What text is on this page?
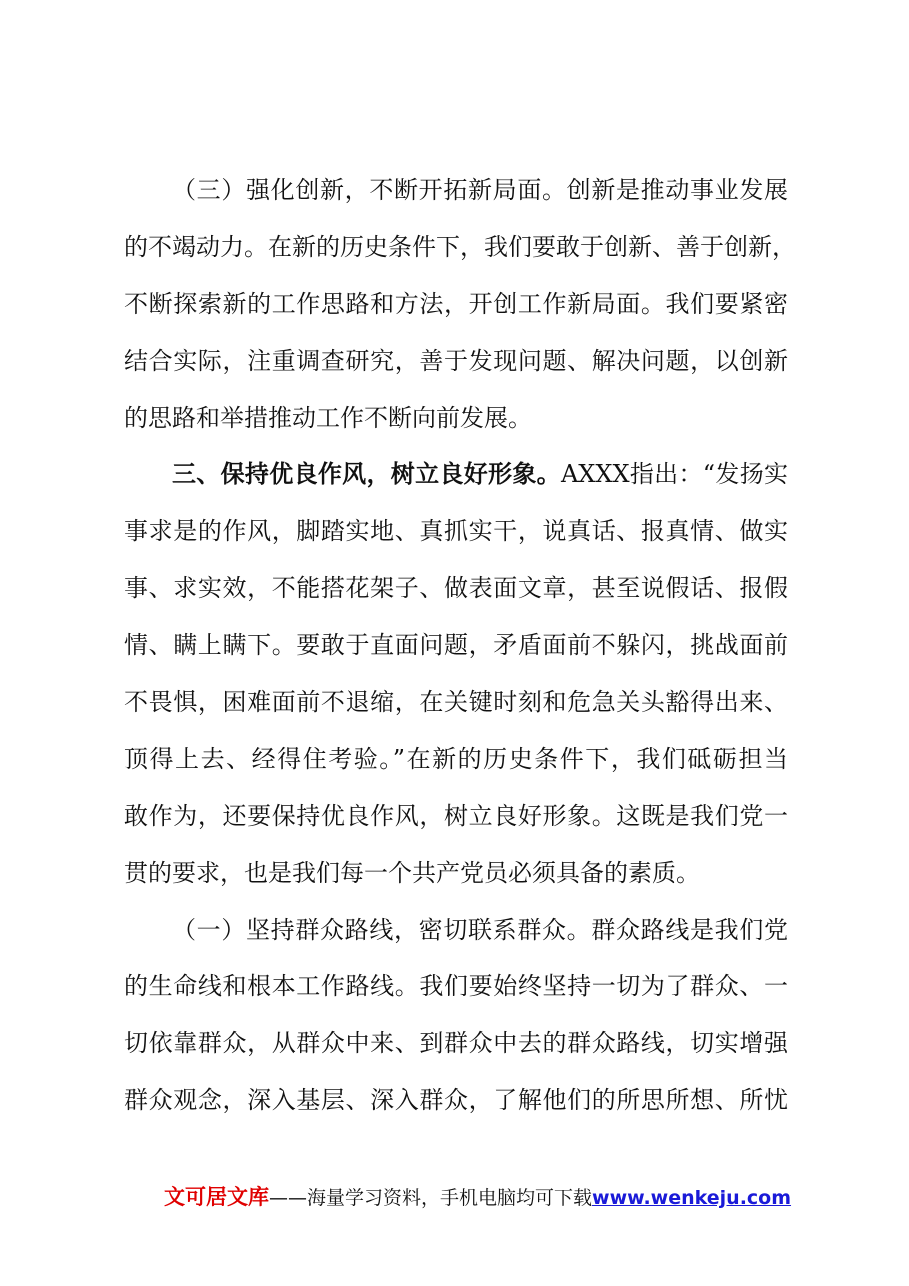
（三）强化创新，不断开拓新局面。创新是推动事业发展
的不竭动力。在新的历史条件下，我们要敢于创新、善于创新，
不断探索新的工作思路和方法，开创工作新局面。我们要紧密
结合实际，注重调查研究，善于发现问题、解决问题，以创新
的思路和举措推动工作不断向前发展。
三、保持优良作风，树立良好形象。AXXX指出：“发扬实
事求是的作风，脚踏实地、真抓实干，说真话、报真情、做实
事、求实效，不能搭花架子、做表面文章，甚至说假话、报假
情、瞒上瞒下。要敢于直面问题，矛盾面前不躲闪，挑战面前
不畏惧，困难面前不退缩，在关键时刻和危急关头豁得出来、
顶得上去、经得住考验。”在新的历史条件下，我们砥砺担当
敢作为，还要保持优良作风，树立良好形象。这既是我们党一
贯的要求，也是我们每一个共产党员必须具备的素质。
（一）坚持群众路线，密切联系群众。群众路线是我们党
的生命线和根本工作路线。我们要始终坚持一切为了群众、一
切依靠群众，从群众中来、到群众中去的群众路线，切实增强
群众观念，深入基层、深入群众，了解他们的所思所想、所忧
文可居文库——海量学习资料，手机电脑均可下载www.wenkeju.com
